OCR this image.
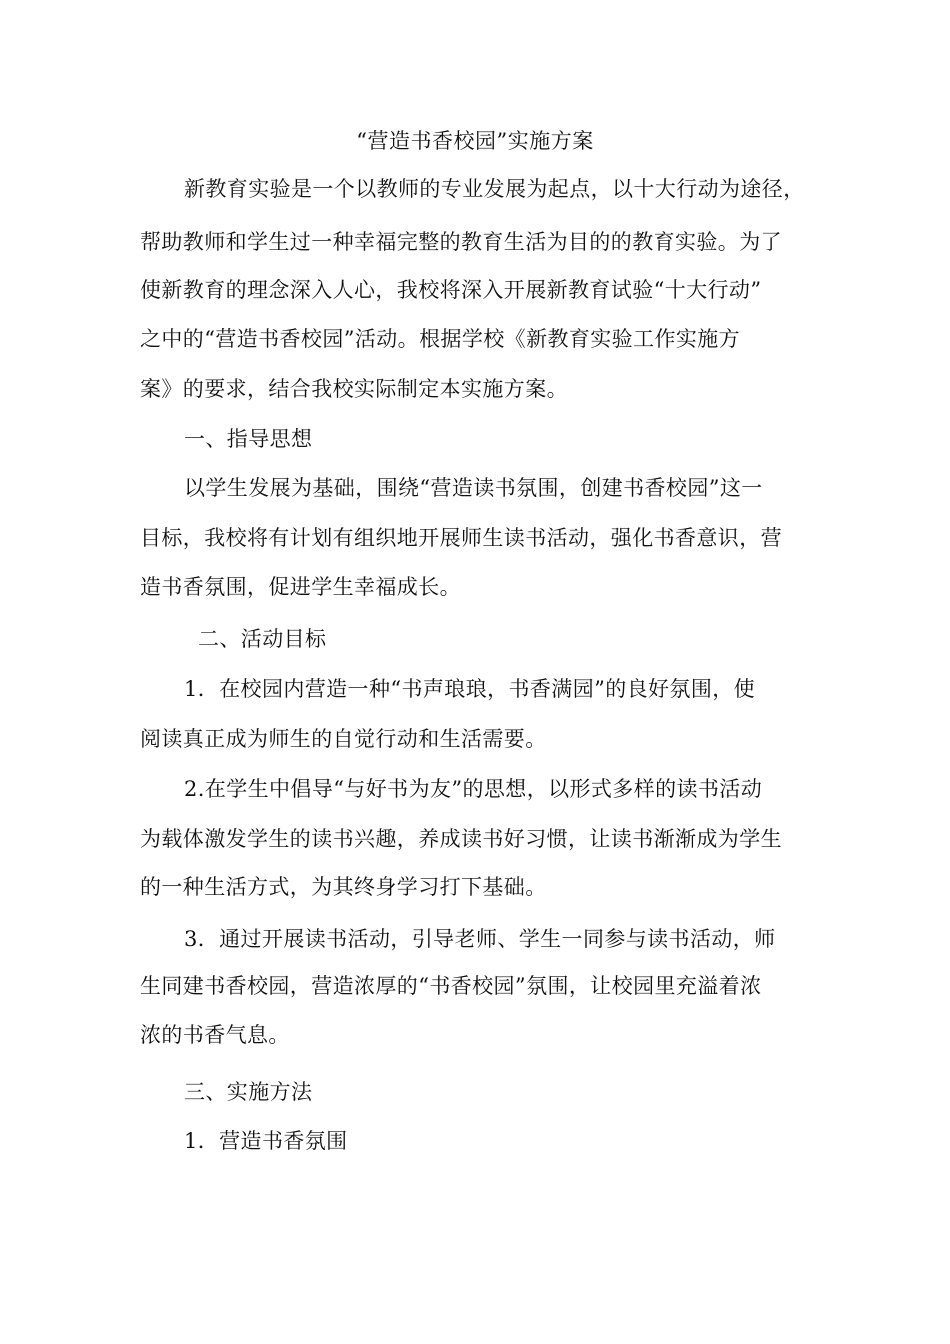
“营造书香校园”实施方案
新教育实验是一个以教师的专业发展为起点，以十大行动为途径，
帮助教师和学生过一种幸福完整的教育生活为目的的教育实验。为了
使新教育的理念深入人心，我校将深入开展新教育试验“十大行动”
之中的“营造书香校园”活动。根据学校《新教育实验工作实施方
案》的要求，结合我校实际制定本实施方案。
一、指导思想
以学生发展为基础，围绕“营造读书氛围，创建书香校园”这一
目标，我校将有计划有组织地开展师生读书活动，强化书香意识，营
造书香氛围，促进学生幸福成长。
二、活动目标
1．在校园内营造一种“书声琅琅，书香满园”的良好氛围，使
阅读真正成为师生的自觉行动和生活需要。
2.在学生中倡导“与好书为友”的思想，以形式多样的读书活动
为载体激发学生的读书兴趣，养成读书好习惯，让读书渐渐成为学生
的一种生活方式，为其终身学习打下基础。
3．通过开展读书活动，引导老师、学生一同参与读书活动，师
生同建书香校园，营造浓厚的“书香校园”氛围，让校园里充溢着浓
浓的书香气息。
三、实施方法
1．营造书香氛围
